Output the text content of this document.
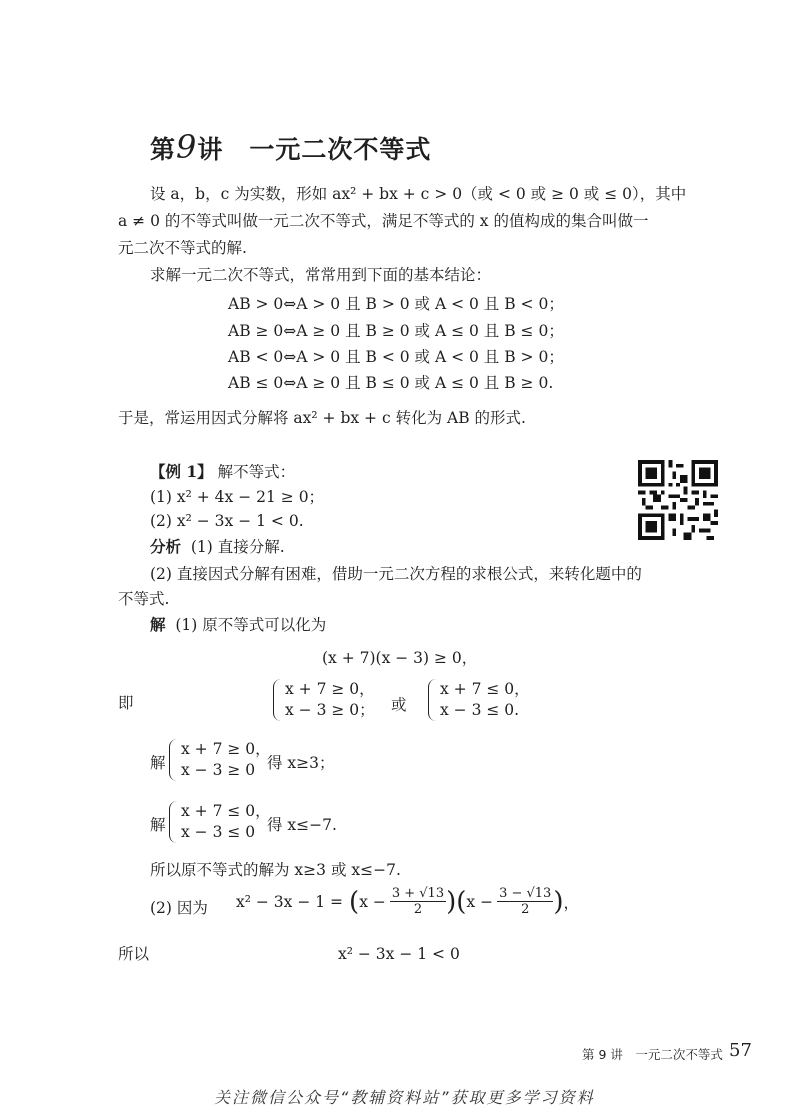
第9讲 一元二次不等式
设 a，b，c 为实数，形如 ax² + bx + c > 0（或 < 0 或 ≥ 0 或 ≤ 0），其中
a ≠ 0 的不等式叫做一元二次不等式，满足不等式的 x 的值构成的集合叫做一
元二次不等式的解.
求解一元二次不等式，常常用到下面的基本结论：
AB > 0⇔A > 0 且 B > 0 或 A < 0 且 B < 0；
AB ≥ 0⇔A ≥ 0 且 B ≥ 0 或 A ≤ 0 且 B ≤ 0；
AB < 0⇔A > 0 且 B < 0 或 A < 0 且 B > 0；
AB ≤ 0⇔A ≥ 0 且 B ≤ 0 或 A ≤ 0 且 B ≥ 0.
于是，常运用因式分解将 ax² + bx + c 转化为 AB 的形式.
【例 1】 解不等式：
(1) x² + 4x − 21 ≥ 0；
(2) x² − 3x − 1 < 0.
分析 (1) 直接分解.
(2) 直接因式分解有困难，借助一元二次方程的求根公式，来转化题中的
不等式.
解 (1) 原不等式可以化为
(x + 7)(x − 3) ≥ 0，
即
x + 7 ≥ 0，
x − 3 ≥ 0； 或
x + 7 ≤ 0，
x − 3 ≤ 0.
解
x + 7 ≥ 0，
x − 3 ≥ 0 得 x≥3；
解
x + 7 ≤ 0，
x − 3 ≤ 0 得 x≤−7.
所以原不等式的解为 x≥3 或 x≤−7.
(2) 因为 x² − 3x − 1 = ( $x - \frac{3 + √13}{2}$ ) ( $x - \frac{3 - √13}{2}$ ) ，
所以	x² − 3x − 1 < 0
第 9 讲　一元二次不等式 57
关注微信公众号“教辅资料站”获取更多学习资料
